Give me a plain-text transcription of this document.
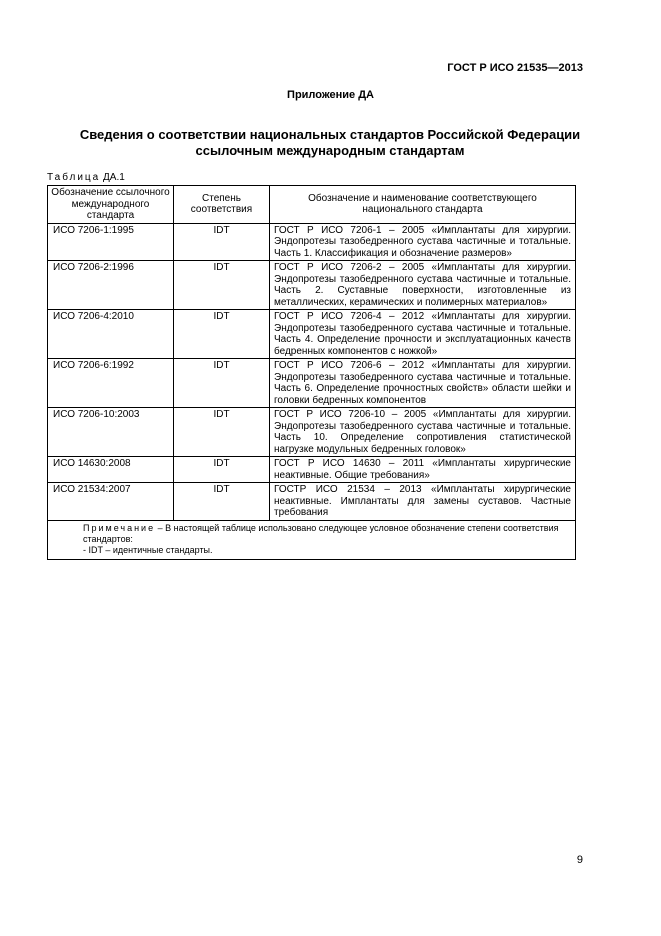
ГОСТ Р ИСО 21535—2013
Приложение ДА
Сведения о соответствии национальных стандартов Российской Федерации
ссылочным международным стандартам
Таблица ДА.1
Обозначение ссылочного международного стандарта	Степень соответствия	Обозначение и наименование соответствующего национального стандарта
ИСО 7206-1:1995	IDT	ГОСТ Р ИСО 7206-1 – 2005 «Имплантаты для хирургии. Эндопротезы тазобедренного сустава частичные и тотальные. Часть 1. Классификация и обозначение размеров»
ИСО 7206-2:1996	IDT	ГОСТ Р ИСО 7206-2 – 2005 «Имплантаты для хирургии. Эндопротезы тазобедренного сустава частичные и тотальные. Часть 2. Суставные поверхности, изготовленные из металлических, керамических и полимерных материалов»
ИСО 7206-4:2010	IDT	ГОСТ Р ИСО 7206-4 – 2012 «Имплантаты для хирургии. Эндопротезы тазобедренного сустава частичные и тотальные. Часть 4. Определение прочности и эксплуатационных качеств бедренных компонентов с ножкой»
ИСО 7206-6:1992	IDT	ГОСТ Р ИСО 7206-6 – 2012 «Имплантаты для хирургии. Эндопротезы тазобедренного сустава частичные и тотальные. Часть 6. Определение прочностных свойств» области шейки и головки бедренных компонентов
ИСО 7206-10:2003	IDT	ГОСТ Р ИСО 7206-10 – 2005 «Имплантаты для хирургии. Эндопротезы тазобедренного сустава частичные и тотальные. Часть 10. Определение сопротивления статистической нагрузке модульных бедренных головок»
ИСО 14630:2008	IDT	ГОСТ Р ИСО 14630 – 2011 «Имплантаты хирургические неактивные. Общие требования»
ИСО 21534:2007	IDT	ГОСТР ИСО 21534 – 2013 «Имплантаты хирургические неактивные. Имплантаты для замены суставов. Частные требования

Примечание – В настоящей таблице использовано следующее условное обозначение степени соответствия стандартов:
- IDT – идентичные стандарты.		
9
